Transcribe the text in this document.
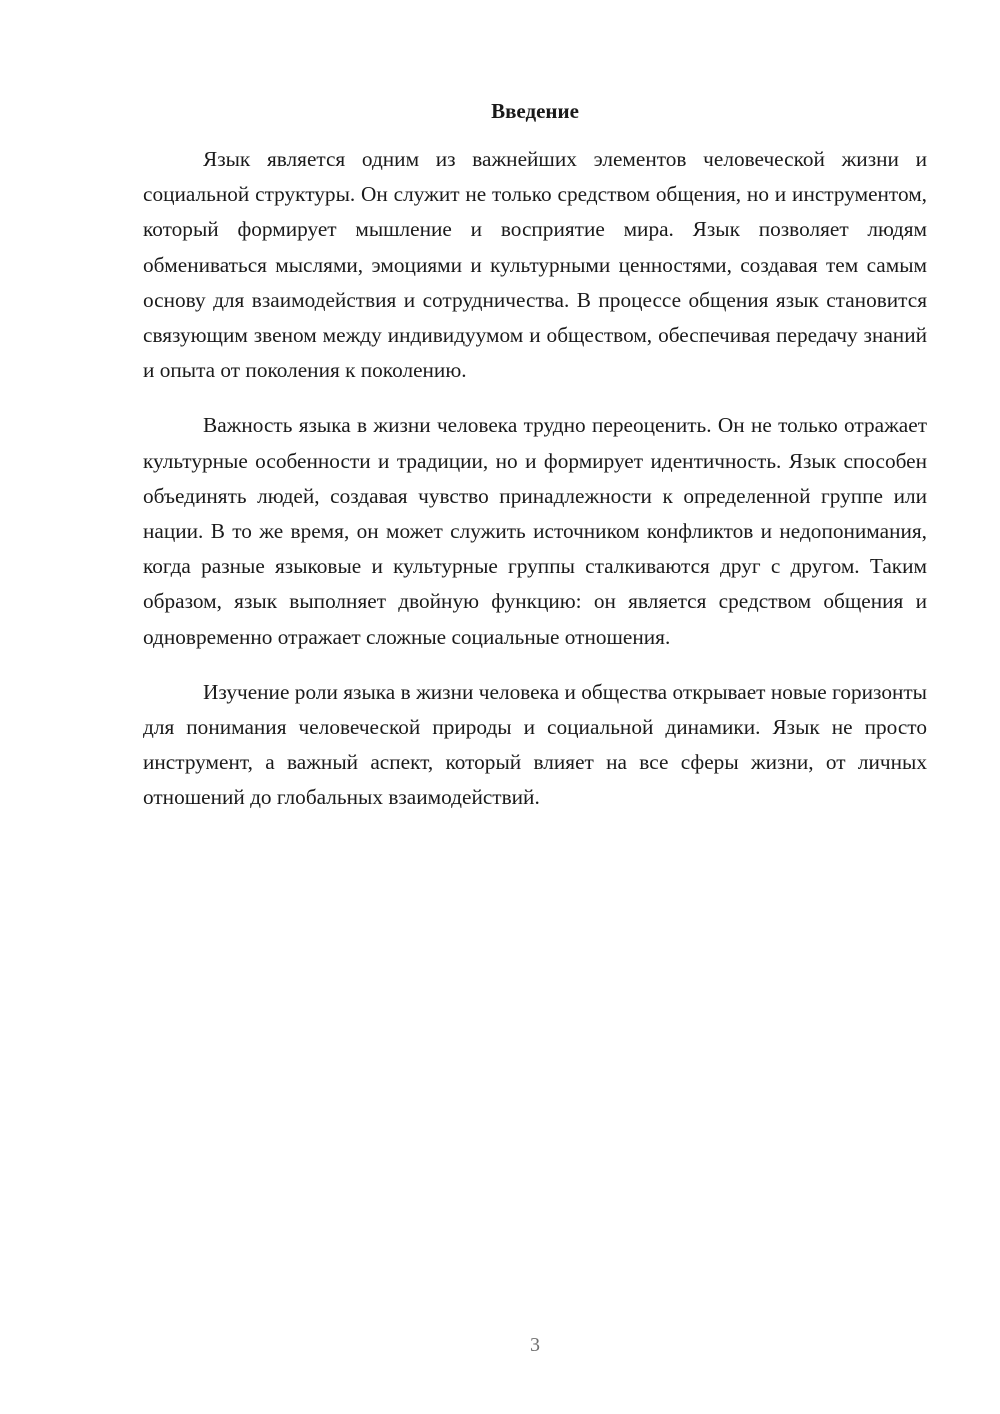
Введение

Язык является одним из важнейших элементов человеческой жизни и социальной структуры. Он служит не только средством общения, но и инструментом, который формирует мышление и восприятие мира. Язык позволяет людям обмениваться мыслями, эмоциями и культурными ценностями, создавая тем самым основу для взаимодействия и сотрудничества. В процессе общения язык становится связующим звеном между индивидуумом и обществом, обеспечивая передачу знаний и опыта от поколения к поколению.

Важность языка в жизни человека трудно переоценить. Он не только отражает культурные особенности и традиции, но и формирует идентичность. Язык способен объединять людей, создавая чувство принадлежности к определенной группе или нации. В то же время, он может служить источником конфликтов и недопонимания, когда разные языковые и культурные группы сталкиваются друг с другом. Таким образом, язык выполняет двойную функцию: он является средством общения и одновременно отражает сложные социальные отношения.

Изучение роли языка в жизни человека и общества открывает новые горизонты для понимания человеческой природы и социальной динамики. Язык не просто инструмент, а важный аспект, который влияет на все сферы жизни, от личных отношений до глобальных взаимодействий.

3
